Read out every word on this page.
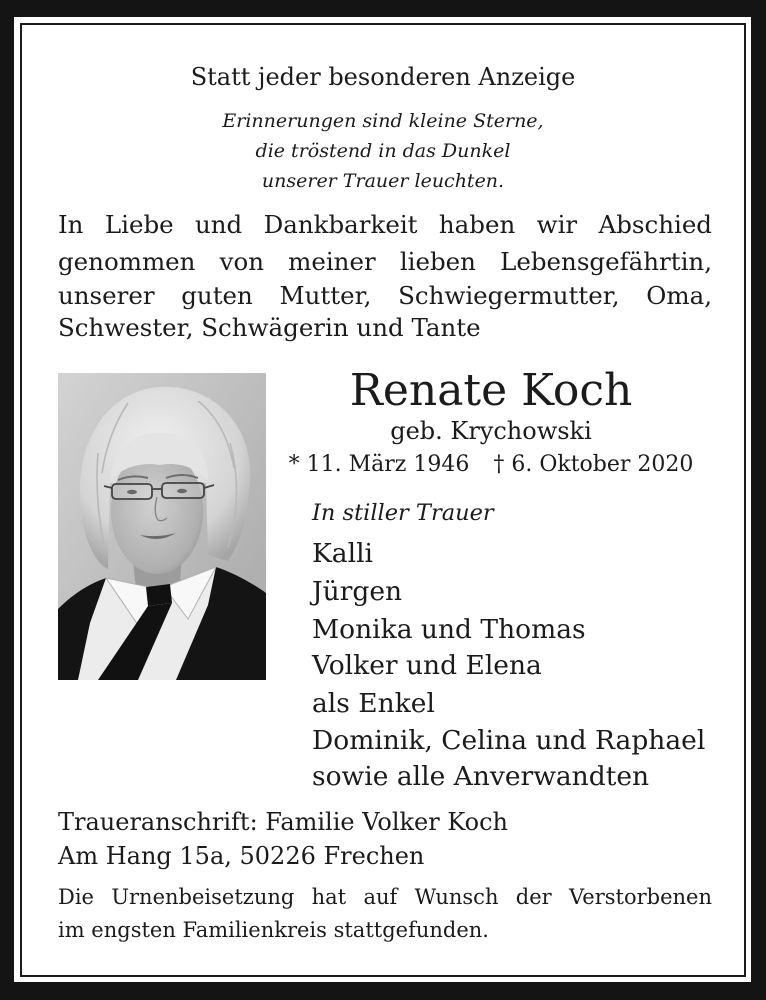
Statt jeder besonderen Anzeige
Erinnerungen sind kleine Sterne,
die tröstend in das Dunkel
unserer Trauer leuchten.
In Liebe und Dankbarkeit haben wir Abschied
genommen von meiner lieben Lebensgefährtin,
unserer guten Mutter, Schwiegermutter, Oma,
Schwester, Schwägerin und Tante
Renate Koch
geb. Krychowski
* 11. März 1946 † 6. Oktober 2020
In stiller Trauer
Kalli
Jürgen
Monika und Thomas
Volker und Elena
als Enkel
Dominik, Celina und Raphael
sowie alle Anverwandten
Traueranschrift: Familie Volker Koch
Am Hang 15a, 50226 Frechen
Die Urnenbeisetzung hat auf Wunsch der Verstorbenen
im engsten Familienkreis stattgefunden.
